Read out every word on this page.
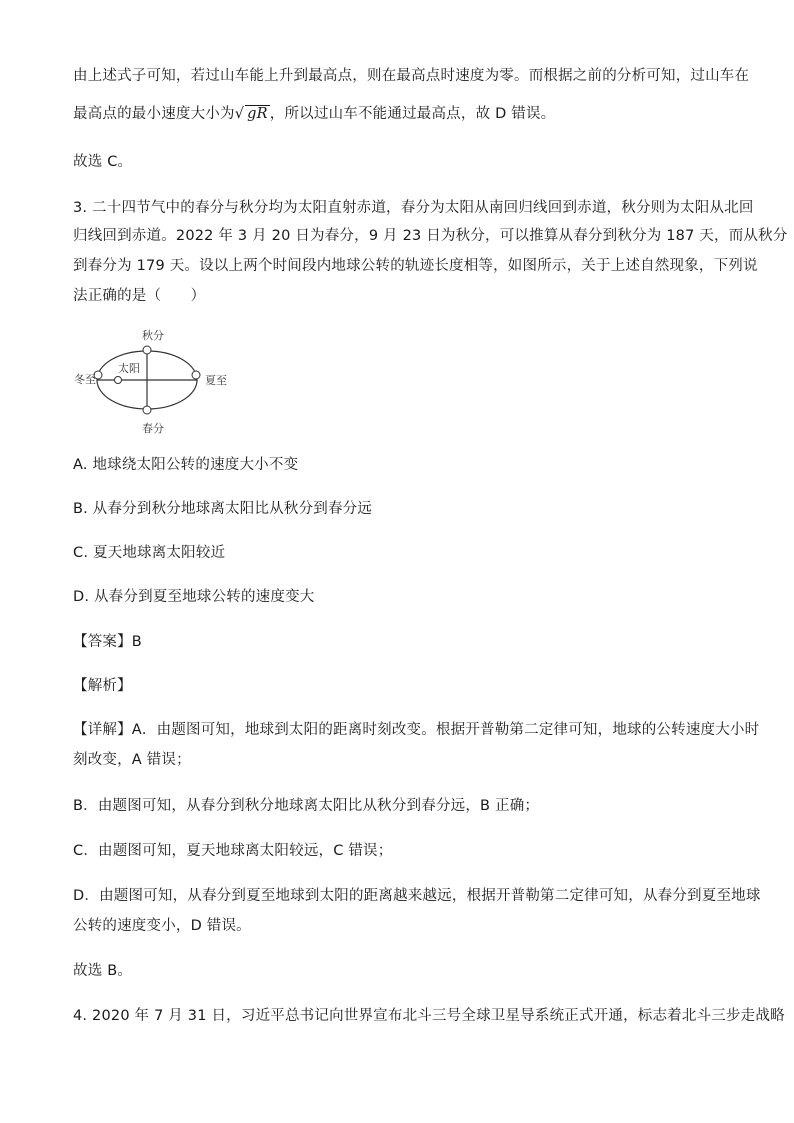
由上述式子可知，若过山车能上升到最高点，则在最高点时速度为零。而根据之前的分析可知，过山车在
最高点的最小速度大小为√ gR ，所以过山车不能通过最高点，故 D 错误。
故选 C。
3. 二十四节气中的春分与秋分均为太阳直射赤道，春分为太阳从南回归线回到赤道，秋分则为太阳从北回
归线回到赤道。2022 年 3 月 20 日为春分，9 月 23 日为秋分，可以推算从春分到秋分为 187 天，而从秋分
到春分为 179 天。设以上两个时间段内地球公转的轨迹长度相等，如图所示，关于上述自然现象，下列说
法正确的是（　　）
秋分
太阳
冬至	夏至
春分
A. 地球绕太阳公转的速度大小不变
B. 从春分到秋分地球离太阳比从秋分到春分远
C. 夏天地球离太阳较近
D. 从春分到夏至地球公转的速度变大
【答案】B
【解析】
【详解】A．由题图可知，地球到太阳的距离时刻改变。根据开普勒第二定律可知，地球的公转速度大小时
刻改变，A 错误；
B．由题图可知，从春分到秋分地球离太阳比从秋分到春分远，B 正确；
C．由题图可知，夏天地球离太阳较远，C 错误；
D．由题图可知，从春分到夏至地球到太阳的距离越来越远，根据开普勒第二定律可知，从春分到夏至地球
公转的速度变小，D 错误。
故选 B。
4. 2020 年 7 月 31 日，习近平总书记向世界宣布北斗三号全球卫星导系统正式开通，标志着北斗三步走战略
